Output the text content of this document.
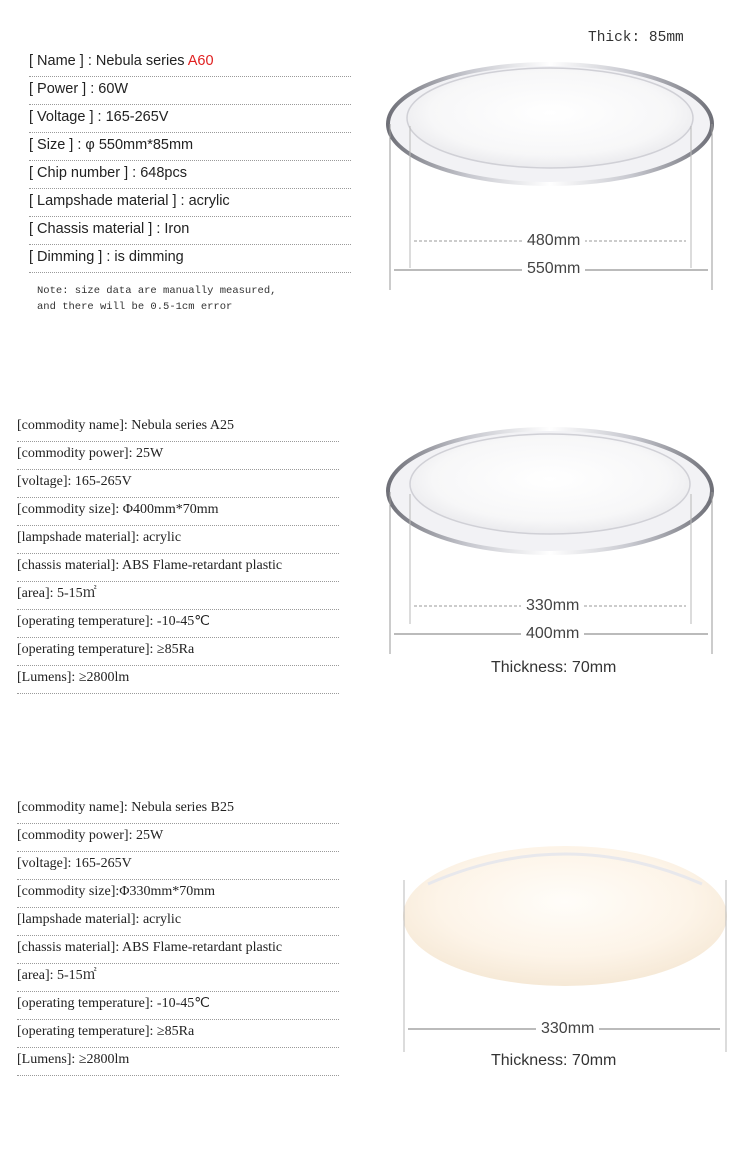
Thick: 85mm
[ Name ] : Nebula series A60
[ Power ] : 60W
[ Voltage ] : 165-265V
[ Size ] : φ 550mm*85mm
[ Chip number ] : 648pcs
[ Lampshade material ] : acrylic
[ Chassis material ] : Iron
[ Dimming ] : is dimming
Note: size data are manually measured,
and there will be 0.5-1cm error
480mm
550mm
[commodity name]: Nebula series A25
[commodity power]: 25W
[voltage]: 165-265V
[commodity size]: Φ400mm*70mm
[lampshade material]: acrylic
[chassis material]: ABS Flame-retardant plastic
[area]: 5-15㎡
[operating temperature]: -10-45℃
[operating temperature]: ≥85Ra
[Lumens]: ≥2800lm
330mm
400mm
Thickness: 70mm
[commodity name]: Nebula series B25
[commodity power]: 25W
[voltage]: 165-265V
[commodity size]:Φ330mm*70mm
[lampshade material]: acrylic
[chassis material]: ABS Flame-retardant plastic
[area]: 5-15㎡
[operating temperature]: -10-45℃
[operating temperature]: ≥85Ra
[Lumens]: ≥2800lm
330mm
Thickness: 70mm
